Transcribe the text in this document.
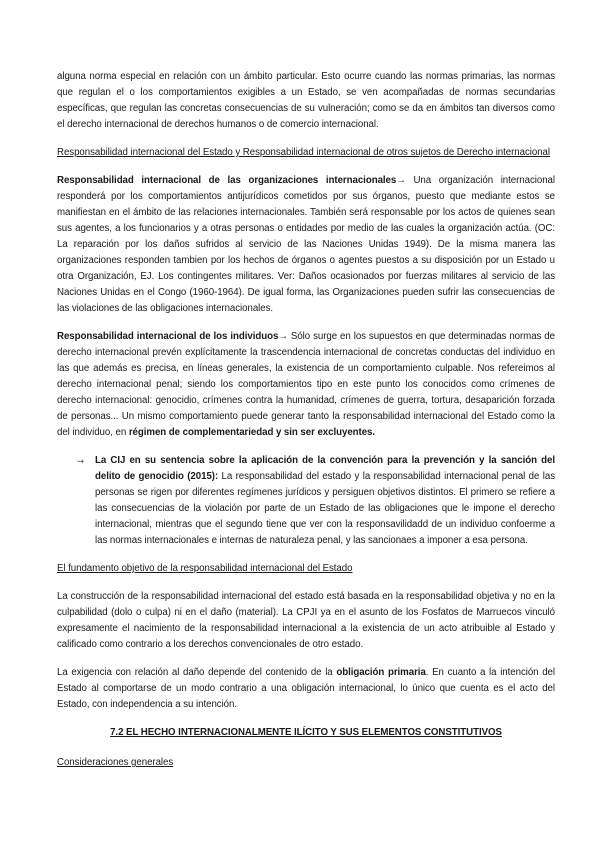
alguna norma especial en relación con un ámbito particular. Esto ocurre cuando las normas primarias, las normas que regulan el o los comportamientos exigibles a un Estado, se ven acompañadas de normas secundarias específicas, que regulan las concretas consecuencias de su vulneración; como se da en ámbitos tan diversos como el derecho internacional de derechos humanos o de comercio internacional.

Responsabilidad internacional del Estado y Responsabilidad internacional de otros sujetos de Derecho internacional

Responsabilidad internacional de las organizaciones internacionales→ Una organización internacional responderá por los comportamientos antijurídicos cometidos por sus órganos, puesto que mediante estos se manifiestan en el ámbito de las relaciones internacionales. También será responsable por los actos de quienes sean sus agentes, a los funcionarios y a otras personas o entidades por medio de las cuales la organización actúa. (OC: La reparación por los daños sufridos al servicio de las Naciones Unidas 1949). De la misma manera las organizaciones responden tambien por los hechos de órganos o agentes puestos a su disposición por un Estado u otra Organización, EJ. Los contingentes militares. Ver: Daños ocasionados por fuerzas militares al servicio de las Naciones Unidas en el Congo (1960-1964). De igual forma, las Organizaciones pueden sufrir las consecuencias de las violaciones de las obligaciones internacionales.

Responsabilidad internacional de los individuos→ Sólo surge en los supuestos en que determinadas normas de derecho internacional prevén explícitamente la trascendencia internacional de concretas conductas del individuo en las que además es precisa, en líneas generales, la existencia de un comportamiento culpable. Nos refereimos al derecho internacional penal; siendo los comportamientos tipo en este punto los conocidos como crímenes de derecho internacional: genocidio, crímenes contra la humanidad, crímenes de guerra, tortura, desaparición forzada de personas... Un mismo comportamiento puede generar tanto la responsabilidad internacional del Estado como la del individuo, en régimen de complementariedad y sin ser excluyentes.

⇝	La CIJ en su sentencia sobre la aplicación de la convención para la prevención y la sanción del delito de genocidio (2015): La responsabilidad del estado y la responsabilidad internacional penal de las personas se rigen por diferentes regímenes jurídicos y persiguen objetivos distintos. El primero se refiere a las consecuencias de la violación por parte de un Estado de las obligaciones que le impone el derecho internacional, mientras que el segundo tiene que ver con la responsavilidadd de un individuo confoerme a las normas internacionales e internas de naturaleza penal, y las sancionaes a imponer a esa persona.

El fundamento objetivo de la responsabilidad internacional del Estado

La construcción de la responsabilidad internacional del estado está basada en la responsabilidad objetiva y no en la culpabilidad (dolo o culpa) ni en el daño (material). La CPJI ya en el asunto de los Fosfatos de Marruecos vinculó expresamente el nacimiento de la responsabilidad internacional a la existencia de un acto atribuible al Estado y calificado como contrario a los derechos convencionales de otro estado.

La exigencia con relación al daño depende del contenido de la obligación primaria. En cuanto a la intención del Estado al comportarse de un modo contrario a una obligación internacional, lo único que cuenta es el acto del Estado, con independencia a su intención.

7.2 EL HECHO INTERNACIONALMENTE ILÍCITO Y SUS ELEMENTOS CONSTITUTIVOS

Consideraciones generales
